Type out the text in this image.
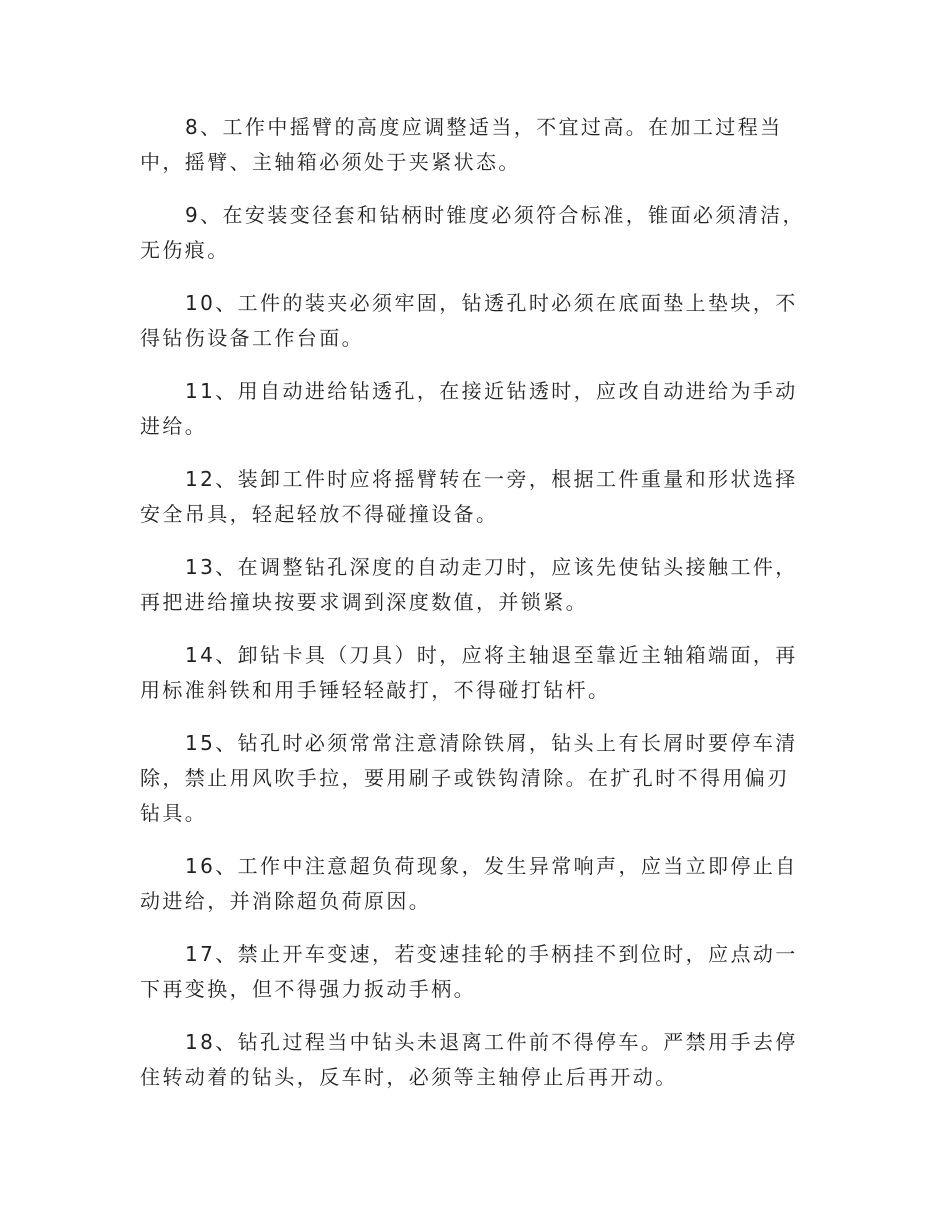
8、工作中摇臂的高度应调整适当，不宜过高。在加工过程当中，摇臂、主轴箱必须处于夹紧状态。

9、在安装变径套和钻柄时锥度必须符合标准，锥面必须清洁，无伤痕。

10、工件的装夹必须牢固，钻透孔时必须在底面垫上垫块，不得钻伤设备工作台面。

11、用自动进给钻透孔，在接近钻透时，应改自动进给为手动进给。

12、装卸工件时应将摇臂转在一旁，根据工件重量和形状选择安全吊具，轻起轻放不得碰撞设备。

13、在调整钻孔深度的自动走刀时，应该先使钻头接触工件，再把进给撞块按要求调到深度数值，并锁紧。

14、卸钻卡具（刀具）时，应将主轴退至靠近主轴箱端面，再用标准斜铁和用手锤轻轻敲打，不得碰打钻杆。

15、钻孔时必须常常注意清除铁屑，钻头上有长屑时要停车清除，禁止用风吹手拉，要用刷子或铁钩清除。在扩孔时不得用偏刃钻具。

16、工作中注意超负荷现象，发生异常响声，应当立即停止自动进给，并消除超负荷原因。

17、禁止开车变速，若变速挂轮的手柄挂不到位时，应点动一下再变换，但不得强力扳动手柄。

18、钻孔过程当中钻头未退离工件前不得停车。严禁用手去停住转动着的钻头，反车时，必须等主轴停止后再开动。
